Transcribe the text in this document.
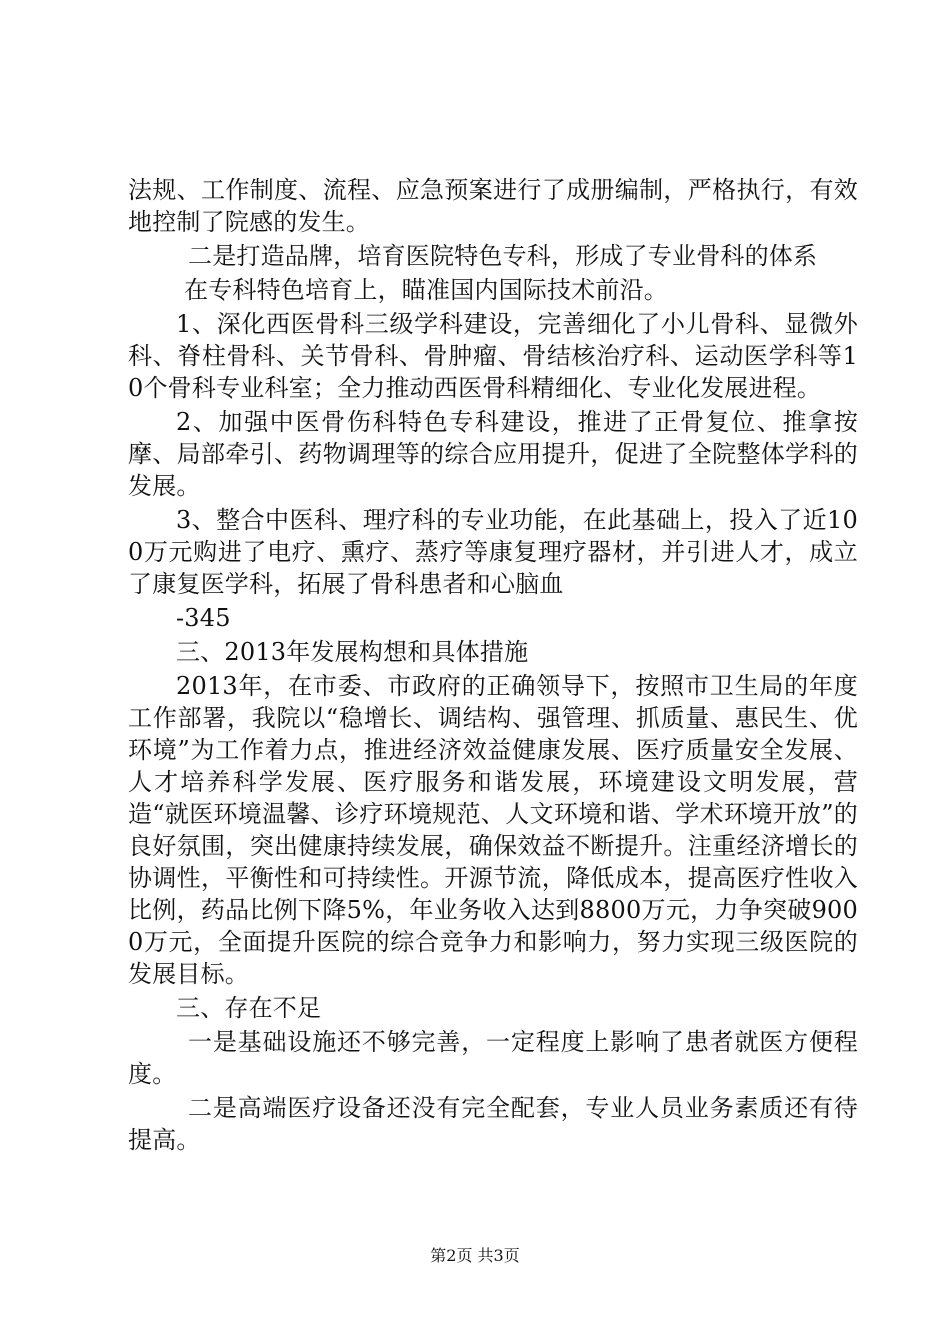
法规、工作制度、流程、应急预案进行了成册编制，严格执行，有效地控制了院感的发生。

二是打造品牌，培育医院特色专科，形成了专业骨科的体系

在专科特色培育上，瞄准国内国际技术前沿。

1、深化西医骨科三级学科建设，完善细化了小儿骨科、显微外科、脊柱骨科、关节骨科、骨肿瘤、骨结核治疗科、运动医学科等10个骨科专业科室；全力推动西医骨科精细化、专业化发展进程。

2、加强中医骨伤科特色专科建设，推进了正骨复位、推拿按摩、局部牵引、药物调理等的综合应用提升，促进了全院整体学科的发展。

3、整合中医科、理疗科的专业功能，在此基础上，投入了近100万元购进了电疗、熏疗、蒸疗等康复理疗器材，并引进人才，成立了康复医学科，拓展了骨科患者和心脑血

-345

三、2013年发展构想和具体措施

2013年，在市委、市政府的正确领导下，按照市卫生局的年度工作部署，我院以“稳增长、调结构、强管理、抓质量、惠民生、优环境”为工作着力点，推进经济效益健康发展、医疗质量安全发展、人才培养科学发展、医疗服务和谐发展，环境建设文明发展，营造“就医环境温馨、诊疗环境规范、人文环境和谐、学术环境开放”的良好氛围，突出健康持续发展，确保效益不断提升。注重经济增长的协调性，平衡性和可持续性。开源节流，降低成本，提高医疗性收入比例，药品比例下降5%，年业务收入达到8800万元，力争突破9000万元，全面提升医院的综合竞争力和影响力，努力实现三级医院的发展目标。

三、存在不足

一是基础设施还不够完善，一定程度上影响了患者就医方便程度。

二是高端医疗设备还没有完全配套，专业人员业务素质还有待提高。

第2页 共3页
